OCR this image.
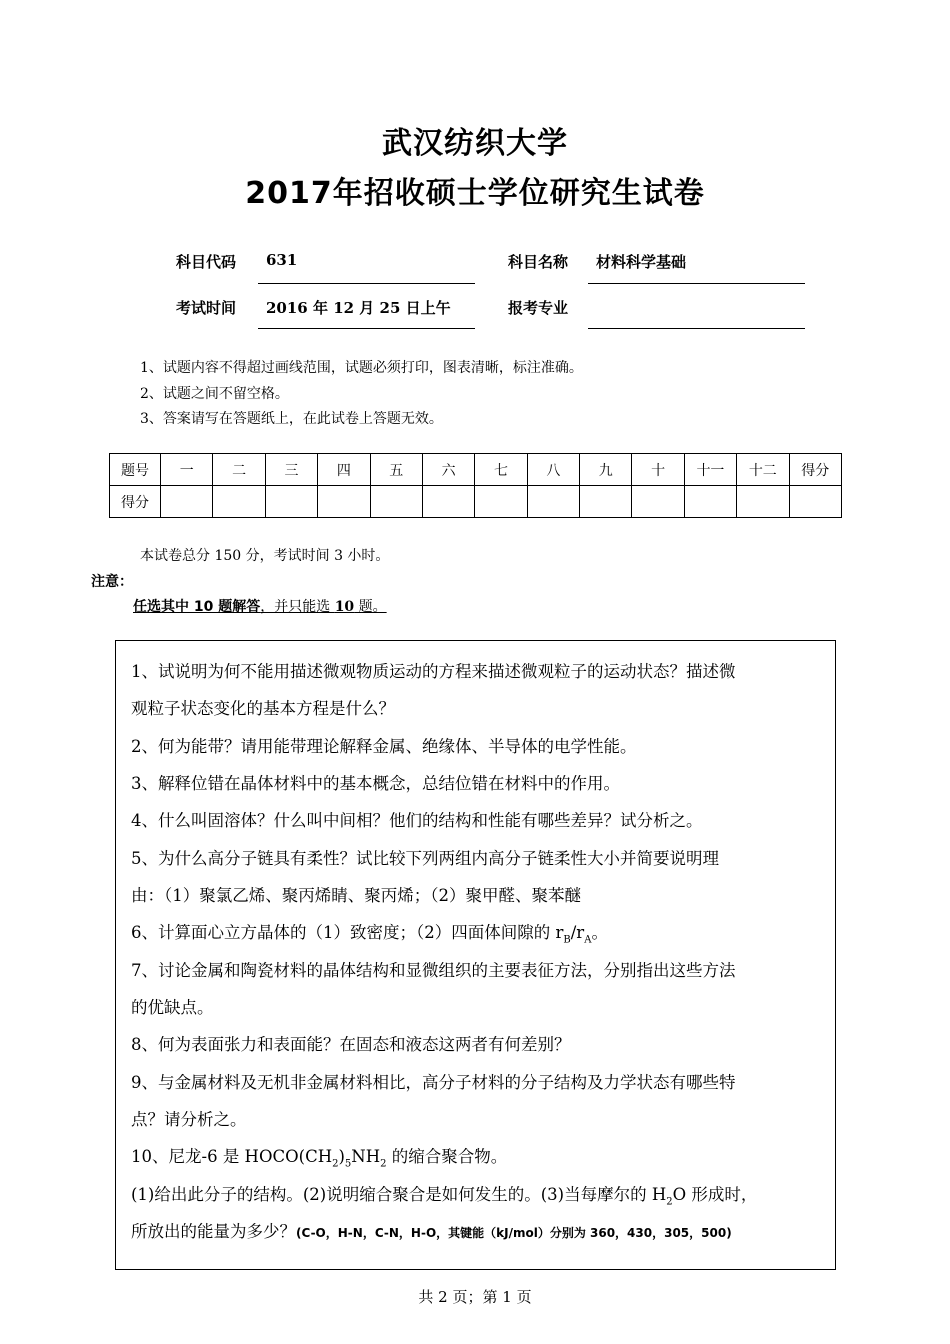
武汉纺织大学
2017年招收硕士学位研究生试卷
科目代码 631	科目名称 材料科学基础
考试时间 2016 年 12 月 25 日上午	报考专业
1、试题内容不得超过画线范围，试题必须打印，图表清晰，标注准确。
2、试题之间不留空格。
3、答案请写在答题纸上，在此试卷上答题无效。
题号	一	二	三	四	五	六	七	八	九	十	十一	十二	得分
得分													
本试卷总分 150 分，考试时间 3 小时。
注意：
任选其中 10 题解答，并只能选 10 题。
1、试说明为何不能用描述微观物质运动的方程来描述微观粒子的运动状态？描述微
观粒子状态变化的基本方程是什么？
2、何为能带？请用能带理论解释金属、绝缘体、半导体的电学性能。
3、解释位错在晶体材料中的基本概念，总结位错在材料中的作用。
4、什么叫固溶体？什么叫中间相？他们的结构和性能有哪些差异？试分析之。
5、为什么高分子链具有柔性？试比较下列两组内高分子链柔性大小并简要说明理
由：（1）聚氯乙烯、聚丙烯睛、聚丙烯；（2）聚甲醛、聚苯醚
6、计算面心立方晶体的（1）致密度；（2）四面体间隙的 $r_B/r_A$。
7、讨论金属和陶瓷材料的晶体结构和显微组织的主要表征方法，分别指出这些方法
的优缺点。
8、何为表面张力和表面能？在固态和液态这两者有何差别？
9、与金属材料及无机非金属材料相比，高分子材料的分子结构及力学状态有哪些特
点？请分析之。
10、尼龙-6 是 $HOCO(CH_2)_5NH_2$ 的缩合聚合物。
(1)给出此分子的结构。(2)说明缩合聚合是如何发生的。(3)当每摩尔的 $H_2O$ 形成时，
所放出的能量为多少？(C-O，H-N，C-N，H-O，其键能（kJ/mol）分别为 360，430，305，500)
共 2 页；第 1 页
